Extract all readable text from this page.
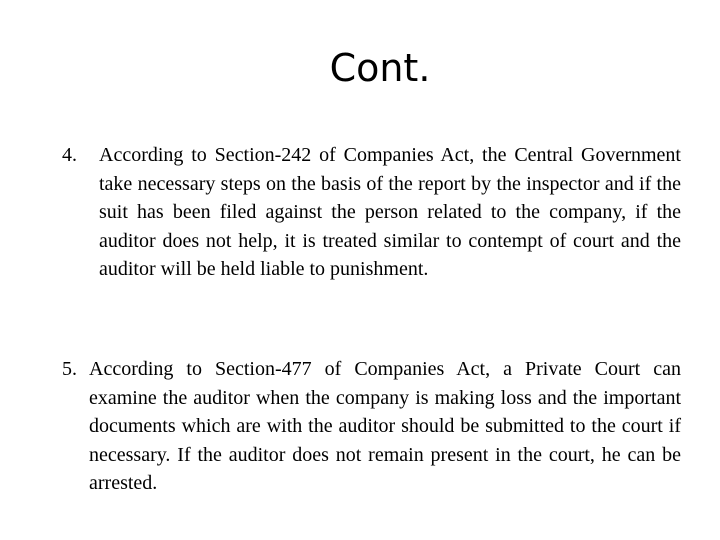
Cont.
4. According to Section-242 of Companies Act, the Central Government take necessary steps on the basis of the report by the inspector and if the suit has been filed against the person related to the company, if the auditor does not help, it is treated similar to contempt of court and the auditor will be held liable to punishment.

5. According to Section-477 of Companies Act, a Private Court can examine the auditor when the company is making loss and the important documents which are with the auditor should be submitted to the court if necessary. If the auditor does not remain present in the court, he can be arrested.
